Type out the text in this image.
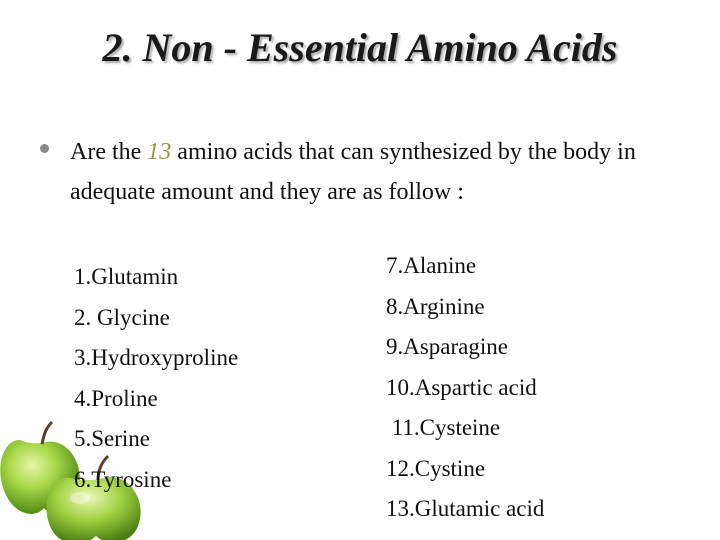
2. Non - Essential Amino Acids
Are the 13 amino acids that can synthesized by the body in adequate amount and they are as follow :
1.Glutamin
2. Glycine
3.Hydroxyproline
4.Proline
5.Serine
6.Tyrosine
7.Alanine
8.Arginine
9.Asparagine
10.Aspartic acid
11.Cysteine
12.Cystine
13.Glutamic acid
